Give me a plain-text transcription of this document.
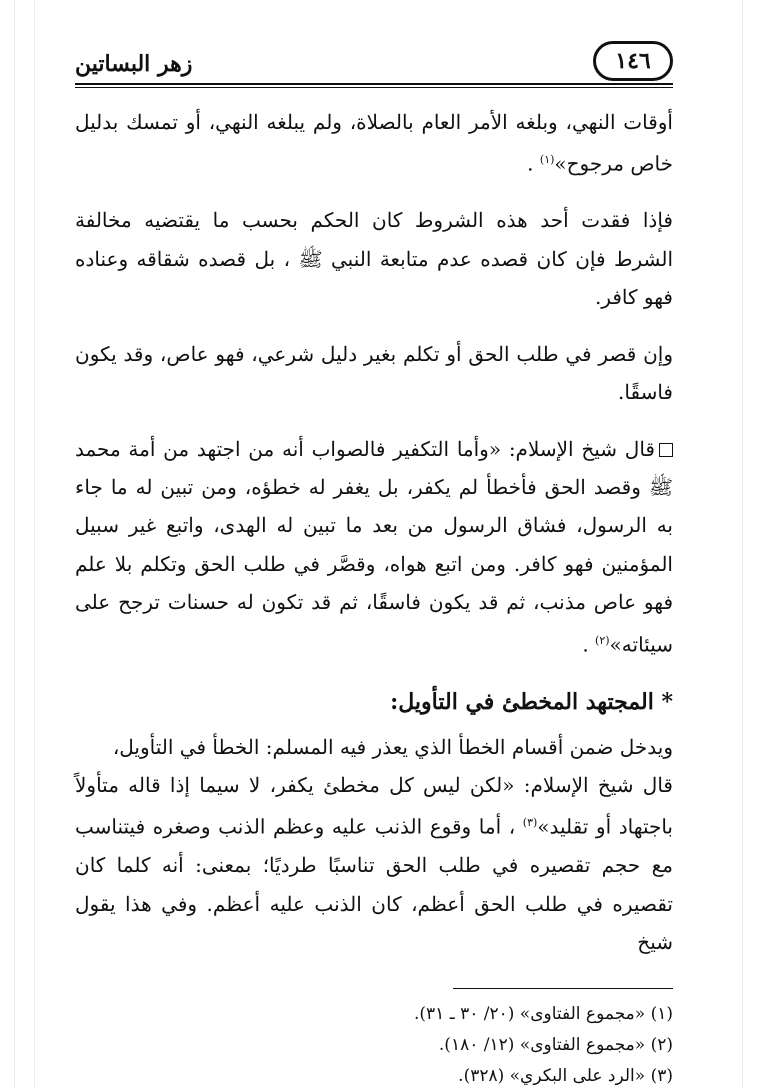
١٤٦
زهر البساتين

أوقات النهي، وبلغه الأمر العام بالصلاة، ولم يبلغه النهي، أو تمسك بدليل خاص مرجوح»$^{(١)}$ .

فإذا فقدت أحد هذه الشروط كان الحكم بحسب ما يقتضيه مخالفة الشرط فإن كان قصده عدم متابعة النبي ﷺ ، بل قصده شقاقه وعناده فهو كافر.

وإن قصر في طلب الحق أو تكلم بغير دليل شرعي، فهو عاص، وقد يكون فاسقًا.

قال شيخ الإسلام: «وأما التكفير فالصواب أنه من اجتهد من أمة محمد ﷺ وقصد الحق فأخطأ لم يكفر، بل يغفر له خطؤه، ومن تبين له ما جاء به الرسول، فشاق الرسول من بعد ما تبين له الهدى، واتبع غير سبيل المؤمنين فهو كافر. ومن اتبع هواه، وقصَّر في طلب الحق وتكلم بلا علم فهو عاص مذنب، ثم قد يكون فاسقًا، ثم قد تكون له حسنات ترجح على سيئاته»$^{(٢)}$ .

* المجتهد المخطئ في التأويل:

ويدخل ضمن أقسام الخطأ الذي يعذر فيه المسلم: الخطأ في التأويل،

قال شيخ الإسلام: «لكن ليس كل مخطئ يكفر، لا سيما إذا قاله متأولاً باجتهاد أو تقليد»$^{(٣)}$ ، أما وقوع الذنب عليه وعظم الذنب وصغره فيتناسب مع حجم تقصيره في طلب الحق تناسبًا طرديًا؛ بمعنى: أنه كلما كان تقصيره في طلب الحق أعظم، كان الذنب عليه أعظم. وفي هذا يقول شيخ

(١) «مجموع الفتاوى» (٢٠/ ٣٠ ـ ٣١).

(٢) «مجموع الفتاوى» (١٢/ ١٨٠).

(٣) «الرد على البكري» (٣٢٨).
